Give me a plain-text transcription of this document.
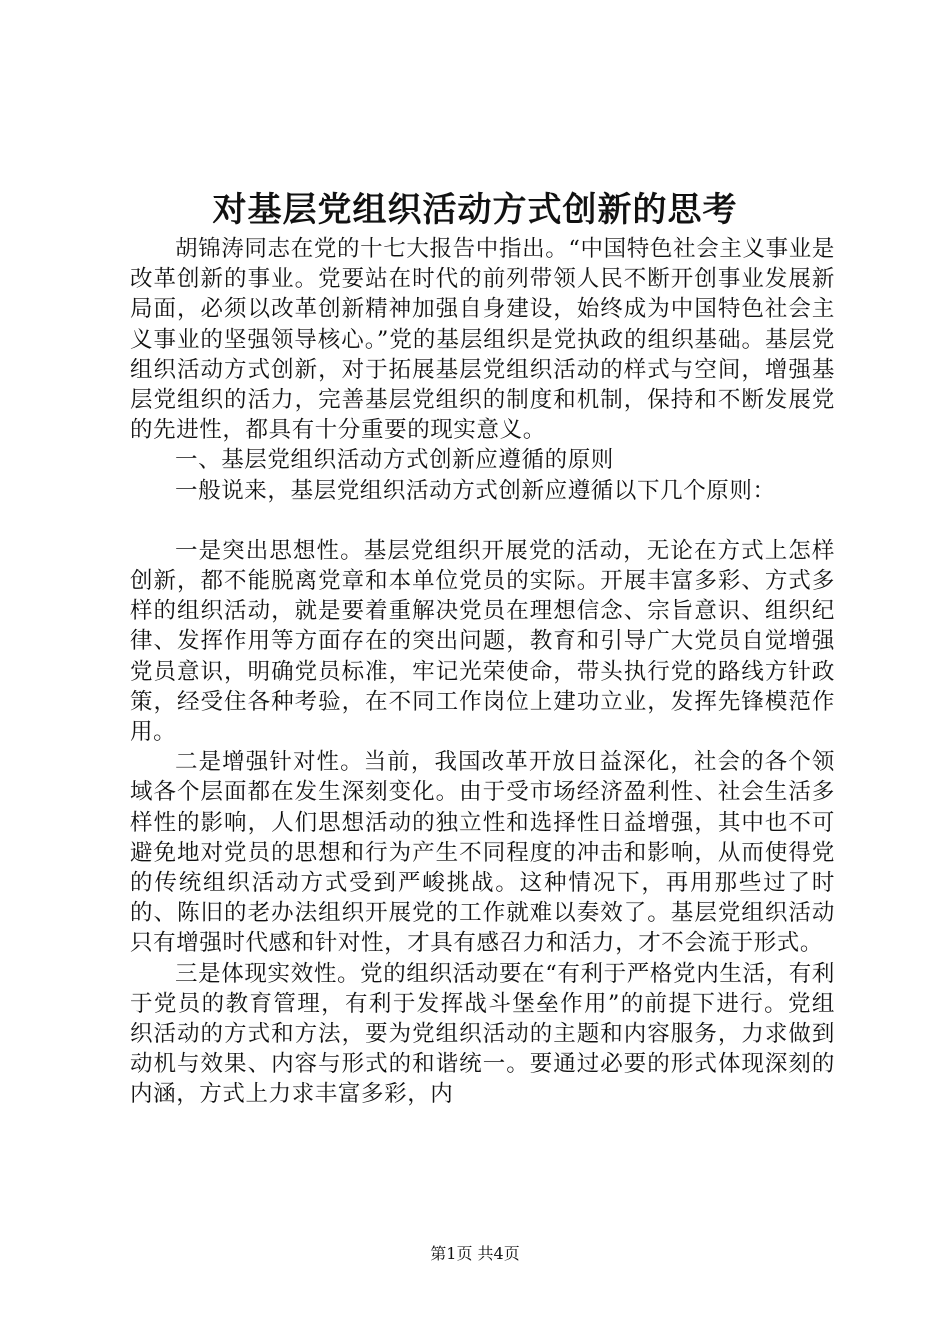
对基层党组织活动方式创新的思考

胡锦涛同志在党的十七大报告中指出。“中国特色社会主义事业是改革创新的事业。党要站在时代的前列带领人民不断开创事业发展新局面，必须以改革创新精神加强自身建设，始终成为中国特色社会主义事业的坚强领导核心。”党的基层组织是党执政的组织基础。基层党组织活动方式创新，对于拓展基层党组织活动的样式与空间，增强基层党组织的活力，完善基层党组织的制度和机制，保持和不断发展党的先进性，都具有十分重要的现实意义。

一、基层党组织活动方式创新应遵循的原则

一般说来，基层党组织活动方式创新应遵循以下几个原则：

一是突出思想性。基层党组织开展党的活动，无论在方式上怎样创新，都不能脱离党章和本单位党员的实际。开展丰富多彩、方式多样的组织活动，就是要着重解决党员在理想信念、宗旨意识、组织纪律、发挥作用等方面存在的突出问题，教育和引导广大党员自觉增强党员意识，明确党员标准，牢记光荣使命，带头执行党的路线方针政策，经受住各种考验，在不同工作岗位上建功立业，发挥先锋模范作用。

二是增强针对性。当前，我国改革开放日益深化，社会的各个领域各个层面都在发生深刻变化。由于受市场经济盈利性、社会生活多样性的影响，人们思想活动的独立性和选择性日益增强，其中也不可避免地对党员的思想和行为产生不同程度的冲击和影响，从而使得党的传统组织活动方式受到严峻挑战。这种情况下，再用那些过了时的、陈旧的老办法组织开展党的工作就难以奏效了。基层党组织活动只有增强时代感和针对性，才具有感召力和活力，才不会流于形式。

三是体现实效性。党的组织活动要在“有利于严格党内生活，有利于党员的教育管理，有利于发挥战斗堡垒作用”的前提下进行。党组织活动的方式和方法，要为党组织活动的主题和内容服务，力求做到动机与效果、内容与形式的和谐统一。要通过必要的形式体现深刻的内涵，方式上力求丰富多彩，内

第1页 共4页
